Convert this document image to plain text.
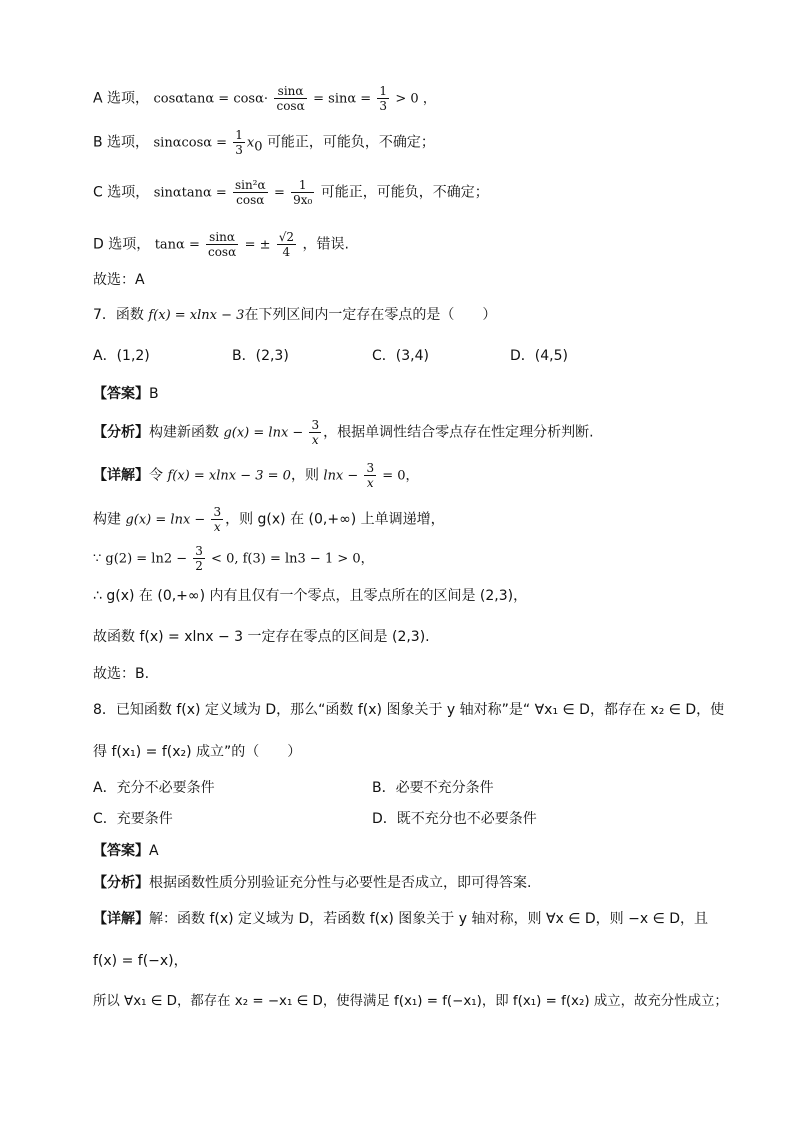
A 选项， $\cos\alpha\tan\alpha = \cos\alpha\cdot \frac{\sin\alpha}{\cos\alpha} = \sin\alpha = \frac{1}{3} > 0$ ，
B 选项， $\sin\alpha\cos\alpha = \frac{1}{3} x_0$ 可能正，可能负，不确定；
C 选项， $\sin\alpha\tan\alpha = \frac{\text{sin²α}}{\cos\alpha} = \frac{1}{\text{9x₀}}$ 可能正，可能负，不确定；
D 选项， $\tan\alpha = \frac{\sin\alpha}{\cos\alpha}$ = ± $\frac{√2}{4}$ ，错误.
故选：A
7．函数 f(x) = xlnx − 3在下列区间内一定存在零点的是（　　）
A．(1,2)	B．(2,3)	C．(3,4)	D．(4,5)
【答案】B
【分析】构建新函数 $g(x) = \ln x - \frac{3}{x}$ ，根据单调性结合零点存在性定理分析判断.
【详解】令 f(x) = xlnx − 3 = 0，则 $\ln x - \frac{3}{x} = 0$，
构建 $g(x) = \ln x - \frac{3}{x}$ ，则 g(x) 在 (0,+∞) 上单调递增，
∵ $g(2) = \ln 2 - \frac{3}{2} < 0$, f(3) = ln3 − 1 > 0，
∴ g(x) 在 (0,+∞) 内有且仅有一个零点，且零点所在的区间是 (2,3)，
故函数 f(x) = xlnx − 3 一定存在零点的区间是 (2,3).
故选：B.
8．已知函数 f(x) 定义域为 D，那么“函数 f(x) 图象关于 y 轴对称”是“ ∀x₁ ∈ D，都存在 x₂ ∈ D，使
得 f(x₁) = f(x₂) 成立”的（　　）
A．充分不必要条件	B．必要不充分条件
C．充要条件	D．既不充分也不必要条件
【答案】A
【分析】根据函数性质分别验证充分性与必要性是否成立，即可得答案.
【详解】解：函数 f(x) 定义域为 D，若函数 f(x) 图象关于 y 轴对称，则 ∀x ∈ D，则 −x ∈ D，且
f(x) = f(−x)，
所以 ∀x₁ ∈ D，都存在 x₂ = −x₁ ∈ D，使得满足 f(x₁) = f(−x₁)，即 f(x₁) = f(x₂) 成立，故充分性成立；
